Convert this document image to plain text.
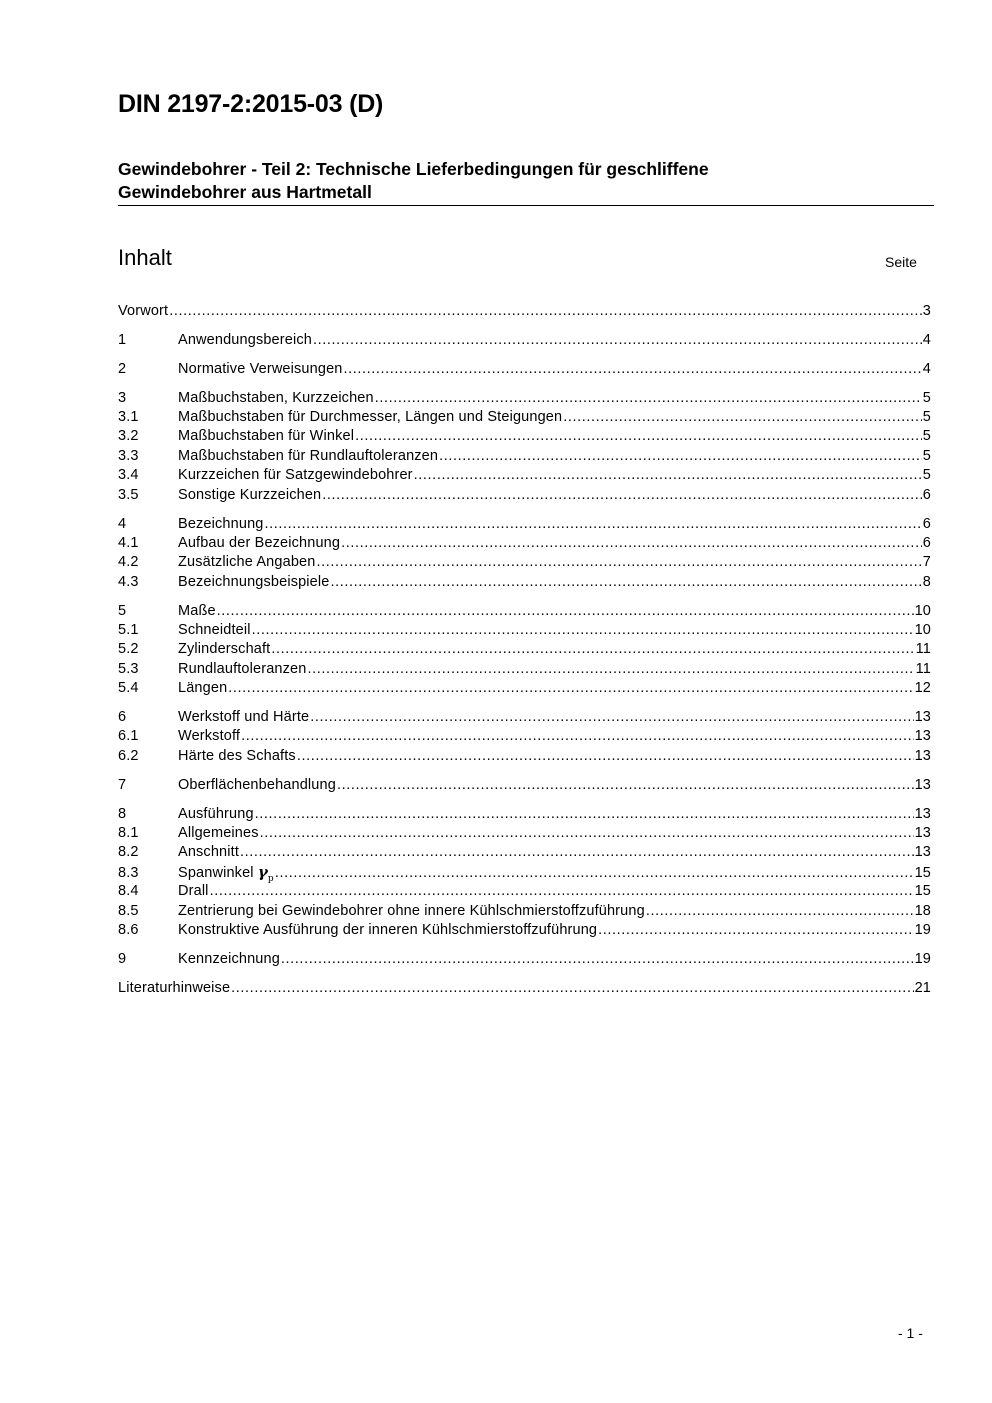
DIN 2197-2:2015-03 (D)
Gewindebohrer - Teil 2: Technische Lieferbedingungen für geschliffene
Gewindebohrer aus Hartmetall
Inhalt	Seite
Vorwort .....	3
1	Anwendungsbereich .....	4
2	Normative Verweisungen .....	4
3	Maßbuchstaben, Kurzzeichen .....	5
3.1	Maßbuchstaben für Durchmesser, Längen und Steigungen .....	5
3.2	Maßbuchstaben für Winkel .....	5
3.3	Maßbuchstaben für Rundlauftoleranzen .....	5
3.4	Kurzzeichen für Satzgewindebohrer .....	5
3.5	Sonstige Kurzzeichen .....	6
4	Bezeichnung .....	6
4.1	Aufbau der Bezeichnung .....	6
4.2	Zusätzliche Angaben .....	7
4.3	Bezeichnungsbeispiele .....	8
5	Maße .....	10
5.1	Schneidteil .....	10
5.2	Zylinderschaft .....	11
5.3	Rundlauftoleranzen .....	11
5.4	Längen .....	12
6	Werkstoff und Härte .....	13
6.1	Werkstoff .....	13
6.2	Härte des Schafts .....	13
7	Oberflächenbehandlung .....	13
8	Ausführung .....	13
8.1	Allgemeines .....	13
8.2	Anschnitt .....	13
8.3	Spanwinkel $\gamma_p$ .....	15
8.4	Drall .....	15
8.5	Zentrierung bei Gewindebohrer ohne innere Kühlschmierstoffzuführung .....	18
8.6	Konstruktive Ausführung der inneren Kühlschmierstoffzuführung .....	19
9	Kennzeichnung .....	19
Literaturhinweise .....	21
- 1 -
